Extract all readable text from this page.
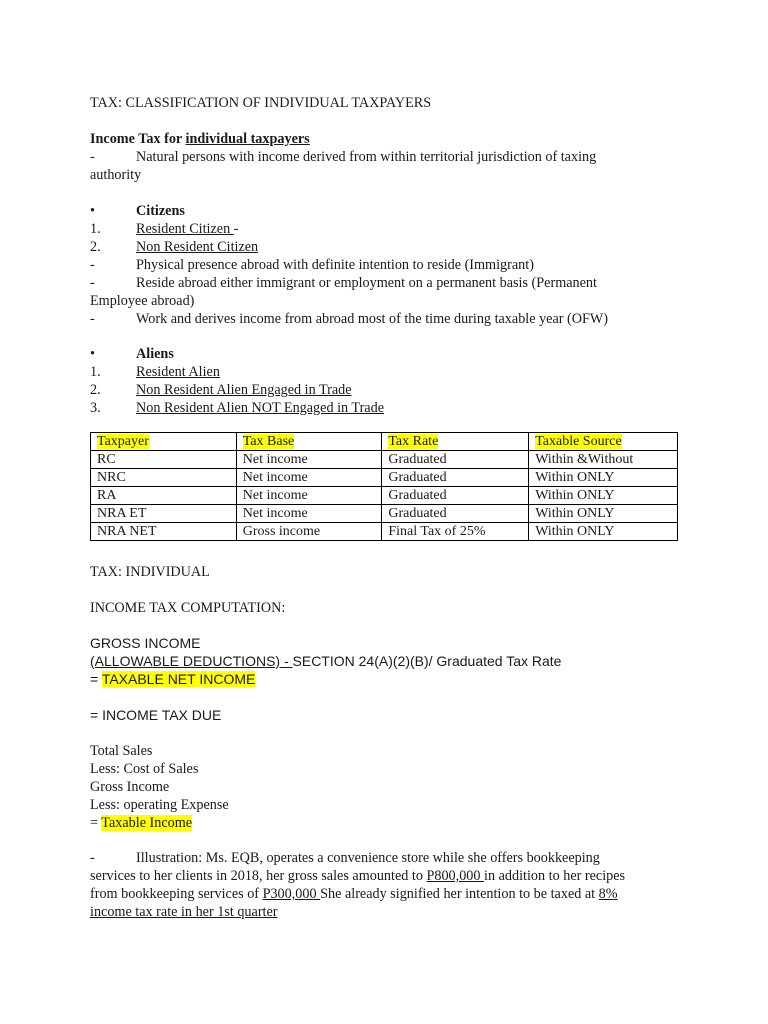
TAX: CLASSIFICATION OF INDIVIDUAL TAXPAYERS
Income Tax for individual taxpayers
-	Natural persons with income derived from within territorial jurisdiction of taxing
authority
•	Citizens
1. Resident Citizen -
2. Non Resident Citizen
-	Physical presence abroad with definite intention to reside (Immigrant)
-	Reside abroad either immigrant or employment on a permanent basis (Permanent
Employee abroad)
-	Work and derives income from abroad most of the time during taxable year (OFW)
•	Aliens
1. Resident Alien
2. Non Resident Alien Engaged in Trade
3. Non Resident Alien NOT Engaged in Trade
Taxpayer	Tax Base	Tax Rate	Taxable Source
RC	Net income	Graduated	Within &Without
NRC	Net income	Graduated	Within ONLY
RA	Net income	Graduated	Within ONLY
NRA ET	Net income	Graduated	Within ONLY
NRA NET	Gross income	Final Tax of 25%	Within ONLY
TAX: INDIVIDUAL
INCOME TAX COMPUTATION:
GROSS INCOME
(ALLOWABLE DEDUCTIONS) - SECTION 24(A)(2)(B)/ Graduated Tax Rate
= TAXABLE NET INCOME
= INCOME TAX DUE
Total Sales
Less: Cost of Sales
Gross Income
Less: operating Expense
= Taxable Income
-	Illustration: Ms. EQB, operates a convenience store while she offers bookkeeping
services to her clients in 2018, her gross sales amounted to P800,000 in addition to her recipes
from bookkeeping services of P300,000 She already signified her intention to be taxed at 8%
income tax rate in her 1st quarter
